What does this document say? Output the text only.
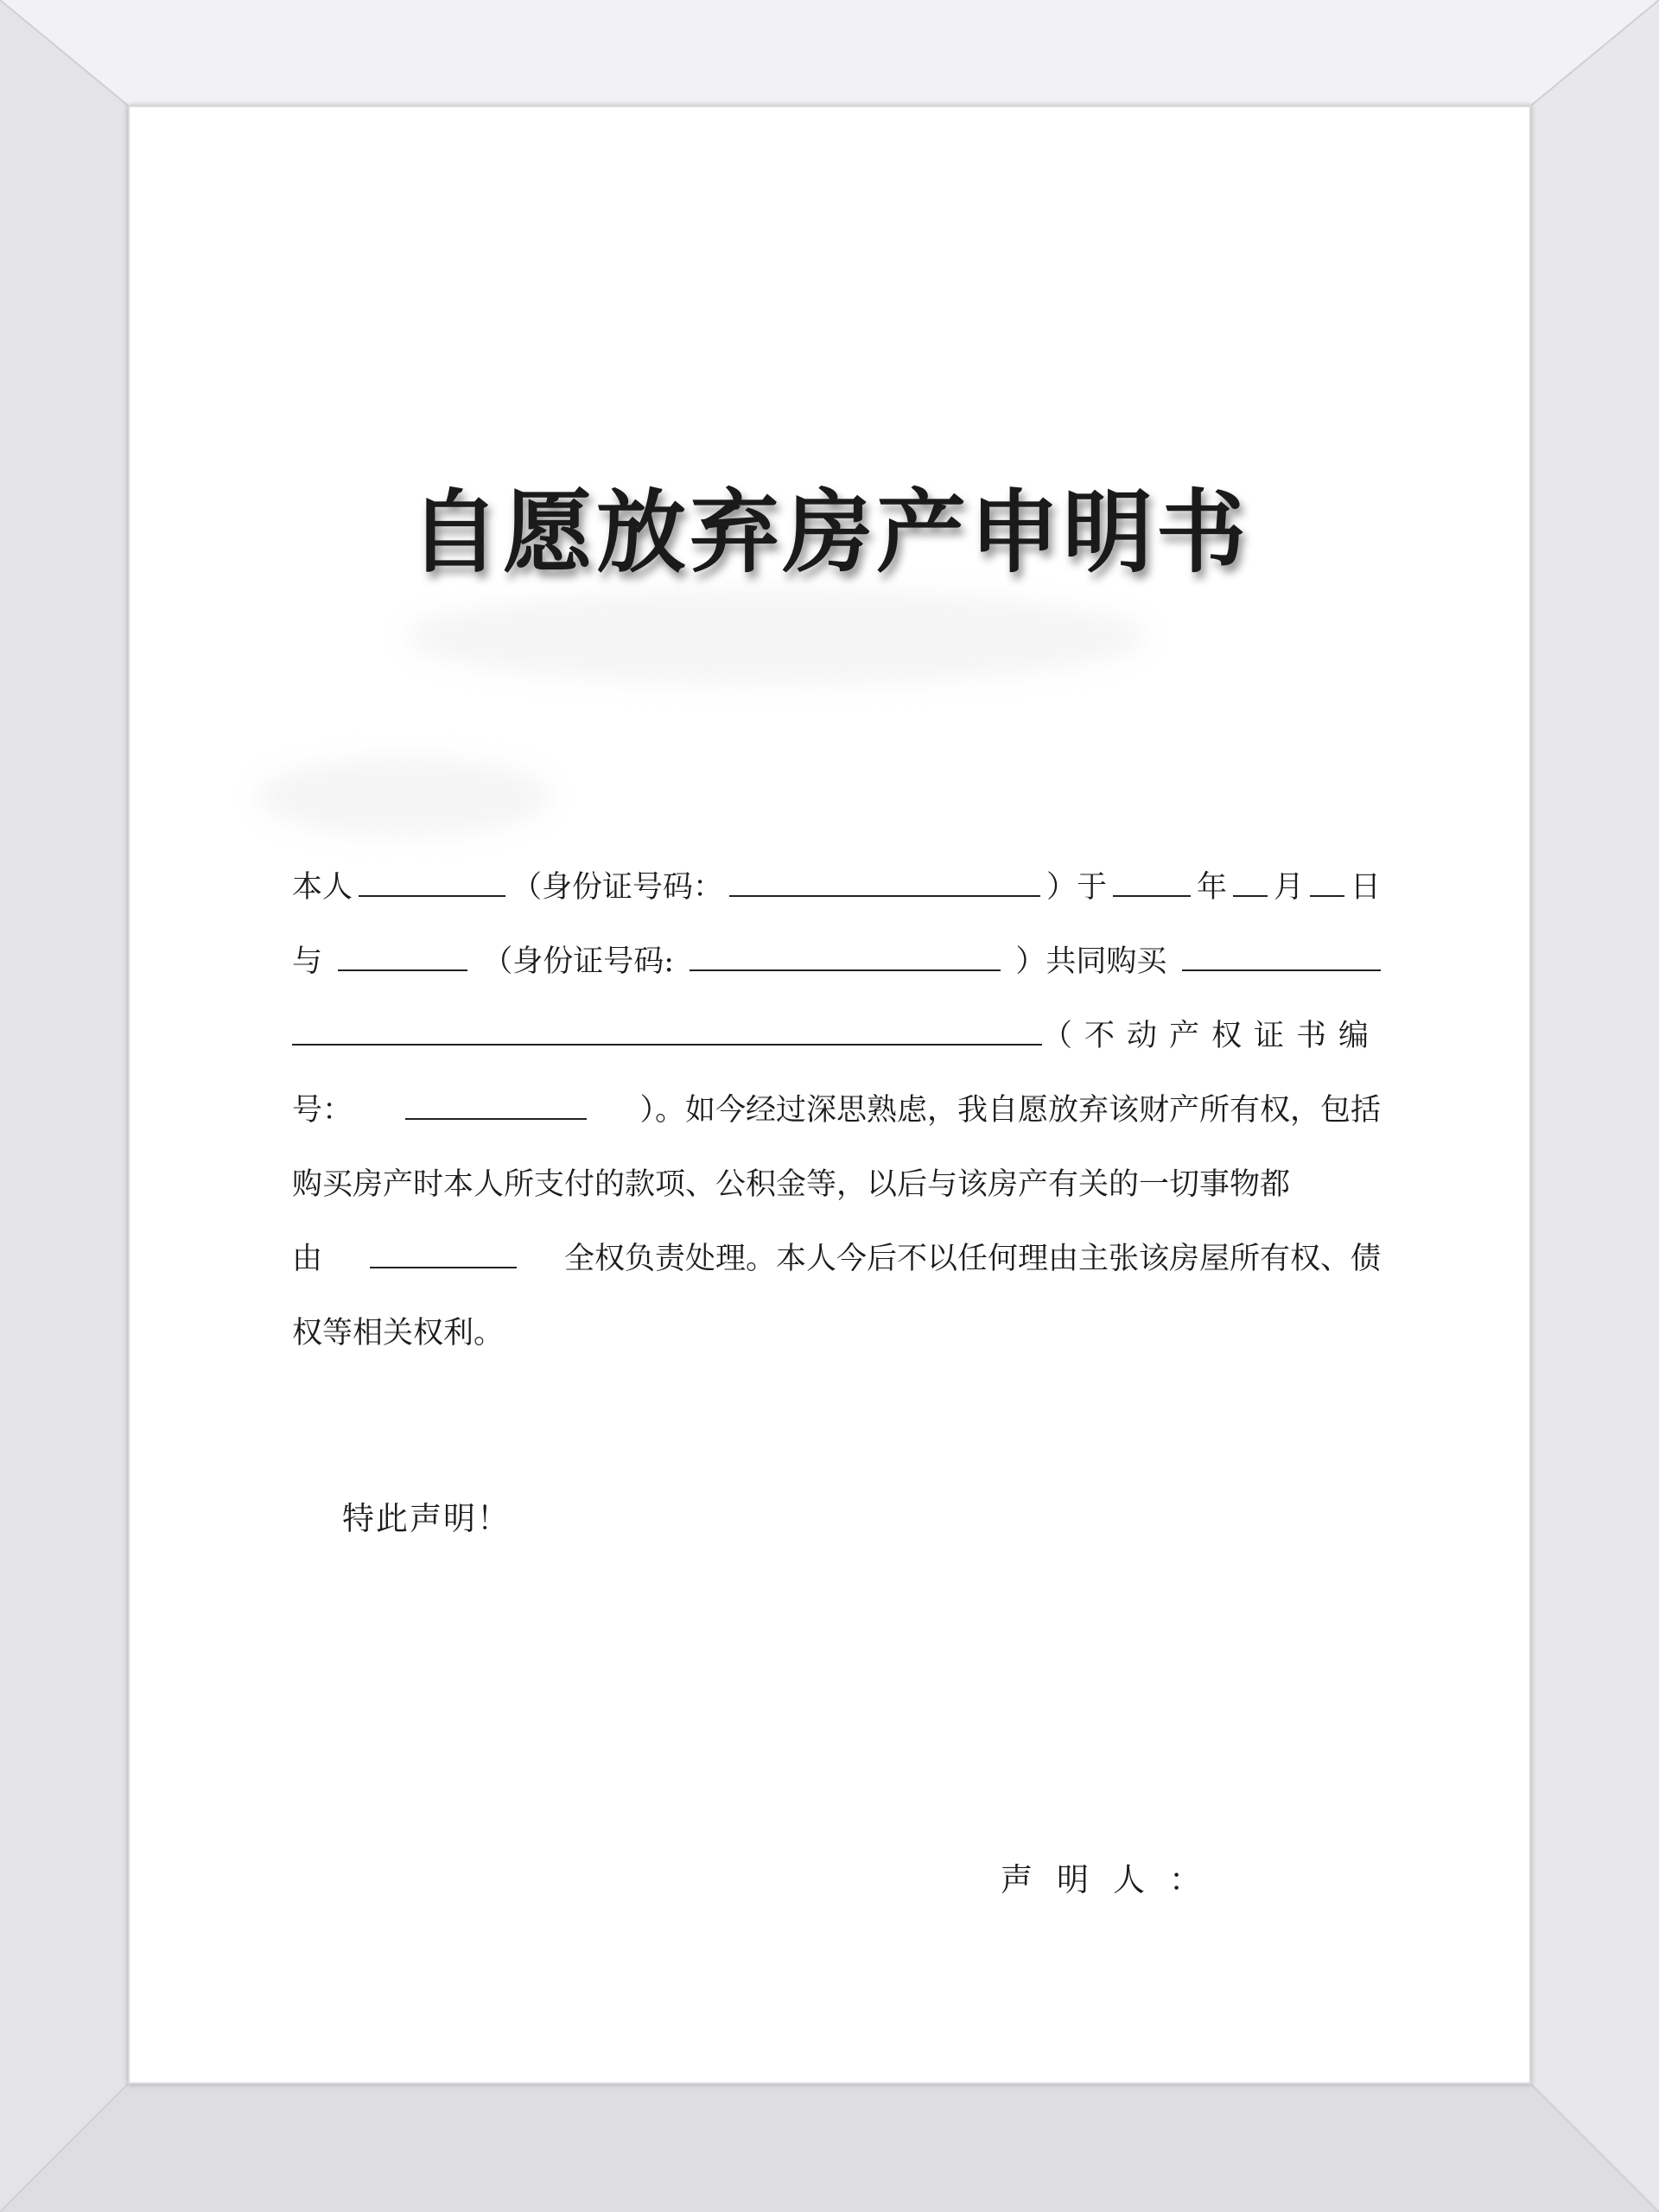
自愿放弃房产申明书
本人	（身份证号码：	）于	年 月 日
与	（身份证号码:	）共同购买
（不动产权证书编
号：	）。如今经过深思熟虑，我自愿放弃该财产所有权，包括
购买房产时本人所支付的款项、公积金等，以后与该房产有关的一切事物都
由	全权负责处理。本人今后不以任何理由主张该房屋所有权、债
权等相关权利。
特此声明！
声明人：
